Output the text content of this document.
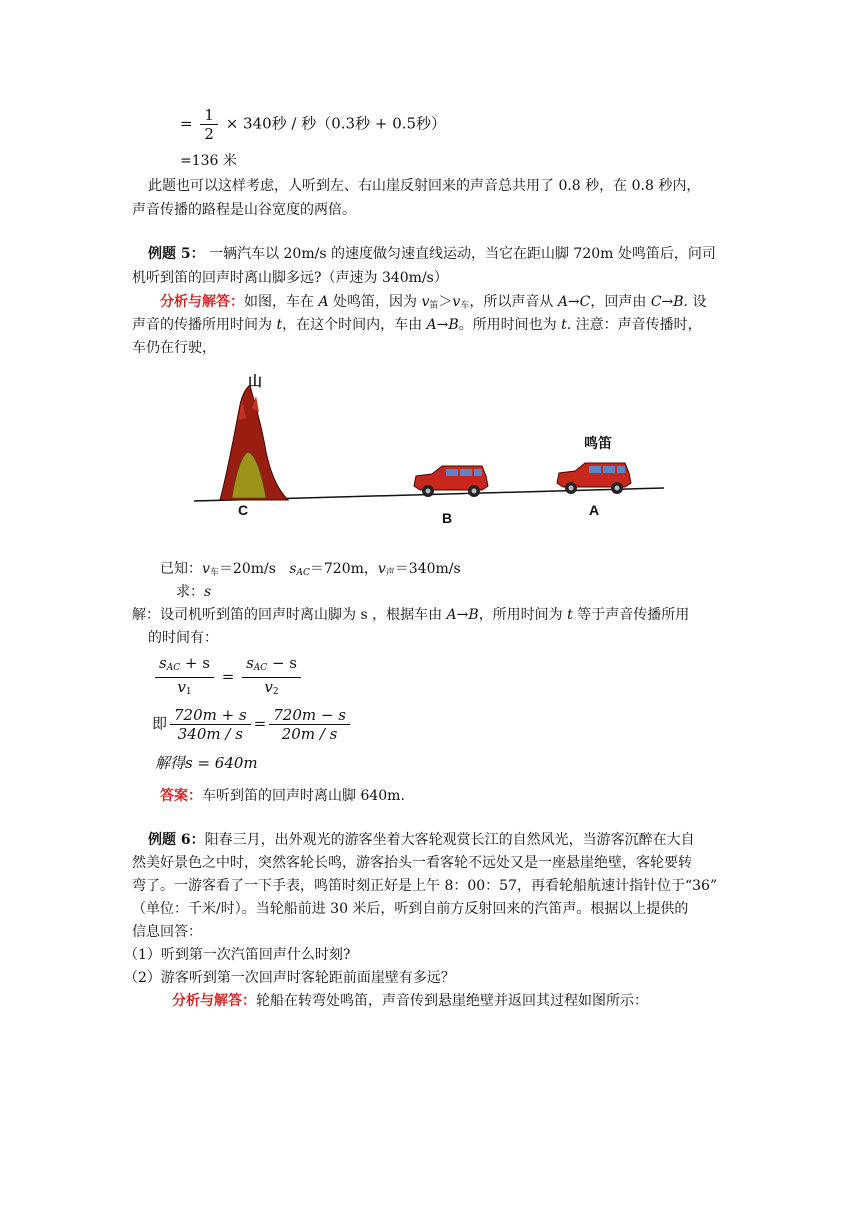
= $\frac{1}{2} \times 340$秒 / 秒（0.3秒 + 0.5秒）
=136 米
此题也可以这样考虑，人听到左、右山崖反射回来的声音总共用了 0.8 秒，在 0.8 秒内，
声音传播的路程是山谷宽度的两倍。
例题 5： 一辆汽车以 20m/s 的速度做匀速直线运动，当它在距山脚 720m 处鸣笛后，问司
机听到笛的回声时离山脚多远?（声速为 340m/s）
分析与解答：如图，车在 A 处鸣笛，因为 $v_笛>v_车$，所以声音从 A→C，回声由 C→B. 设
声音的传播所用时间为 t，在这个时间内，车由 A→B。所用时间也为 t. 注意：声音传播时，
车仍在行驶，
山
鸣笛
C	B	A
已知：$v_车=20m/s$ $s_{AC}=720m$，$v_声=340m/s$
求：s
解：设司机听到笛的回声时离山脚为 s ，根据车由 A→B，所用时间为 t 等于声音传播所用
的时间有：
$\frac{s_{AC} + s}{v_1} = \frac{s_{AC} - s}{v_2}$
即 $\frac{720m + s}{340m / s} = \frac{720m - s}{20m / s}$
解得s = 640m
答案：车听到笛的回声时离山脚 640m.
例题 6：阳春三月，出外观光的游客坐着大客轮观赏长江的自然风光，当游客沉醉在大自
然美好景色之中时，突然客轮长鸣，游客抬头一看客轮不远处又是一座悬崖绝壁，客轮要转
弯了。一游客看了一下手表，鸣笛时刻正好是上午 8：00：57，再看轮船航速计指针位于“36”
（单位：千米/时）。当轮船前进 30 米后，听到自前方反射回来的汽笛声。根据以上提供的
信息回答：
（1）听到第一次汽笛回声什么时刻?
（2）游客听到第一次回声时客轮距前面崖壁有多远？
分析与解答：轮船在转弯处鸣笛，声音传到悬崖绝壁并返回其过程如图所示：
